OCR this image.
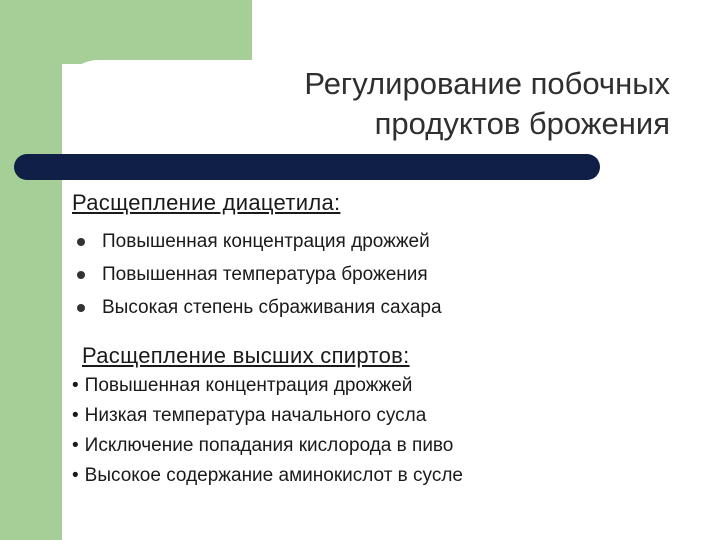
Регулирование побочных
продуктов брожения
Расщепление диацетила:
Повышенная концентрация дрожжей
Повышенная температура брожения
Высокая степень сбраживания сахара
Расщепление высших спиртов:
• Повышенная концентрация дрожжей
• Низкая температура начального сусла
• Исключение попадания кислорода в пиво
• Высокое содержание аминокислот в сусле
